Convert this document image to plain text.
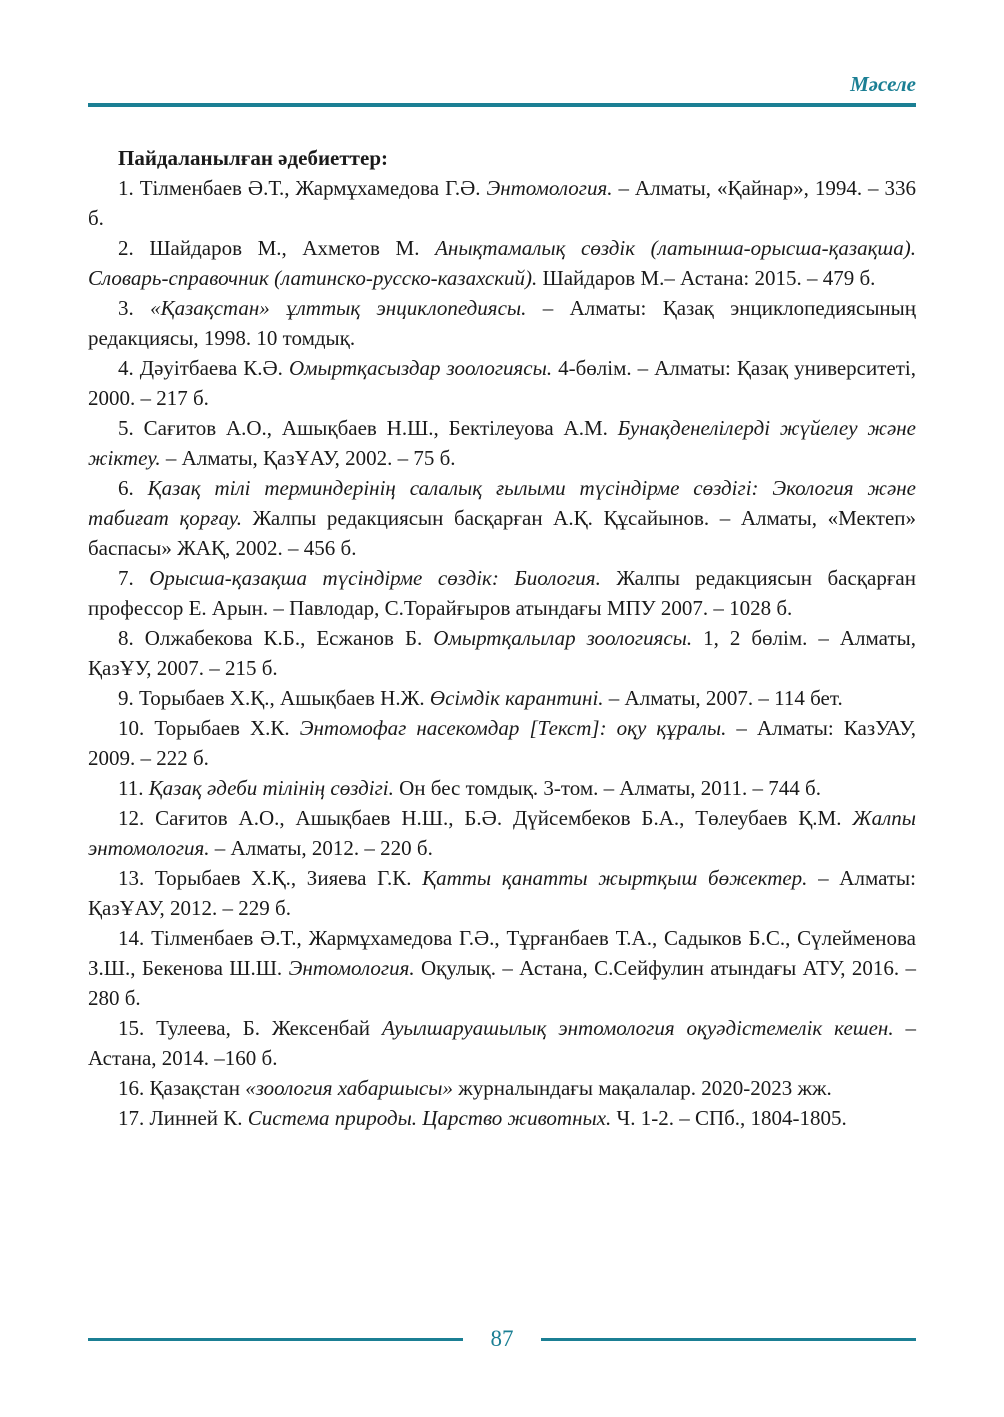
Мәселе

Пайдаланылған әдебиеттер:

1. Тілменбаев Ә.Т., Жармұхамедова Г.Ә. Энтомология. – Алматы, «Қайнар», 1994. – 336 б.

2. Шайдаров М., Ахметов М. Анықтамалық сөздік (латынша-орысша-қазақша). Словарь-справочник (латинско-русско-казахский). Шайдаров М.– Астана: 2015. – 479 б.

3. «Қазақстан» ұлттық энциклопедиясы. – Алматы: Қазақ энциклопедиясының редакциясы, 1998. 10 томдық.

4. Дәуітбаева К.Ә. Омыртқасыздар зоологиясы. 4-бөлім. – Алматы: Қазақ университеті, 2000. – 217 б.

5. Сағитов А.О., Ашықбаев Н.Ш., Бектілеуова А.М. Бунақденелілерді жүйелеу және жіктеу. – Алматы, ҚазҰАУ, 2002. – 75 б.

6. Қазақ тілі терминдерінің салалық ғылыми түсіндірме сөздігі: Экология және табиғат қорғау. Жалпы редакциясын басқарған А.Қ. Құсайынов. – Алматы, «Мектеп» баспасы» ЖАҚ, 2002. – 456 б.

7. Орысша-қазақша түсіндірме сөздік: Биология. Жалпы редакциясын басқарған профессор Е. Арын. – Павлодар, С.Торайғыров атындағы МПУ 2007. – 1028 б.

8. Олжабекова К.Б., Есжанов Б. Омыртқалылар зоологиясы. 1, 2 бөлім. – Алматы, ҚазҰУ, 2007. – 215 б.

9. Торыбаев Х.Қ., Ашықбаев Н.Ж. Өсімдік карантині. – Алматы, 2007. – 114 бет.

10. Торыбаев Х.К. Энтомофаг насекомдар [Текст]: оқу құралы. – Алматы: КазУАУ, 2009. – 222 б.

11. Қазақ әдеби тілінің сөздігі. Он бес томдық. 3-том. – Алматы, 2011. – 744 б.

12. Сағитов А.О., Ашықбаев Н.Ш., Б.Ә. Дүйсембеков Б.А., Төлеубаев Қ.М. Жалпы энтомология. – Алматы, 2012. – 220 б.

13. Торыбаев Х.Қ., Зияева Г.К. Қатты қанатты жыртқыш бөжектер. – Алматы: ҚазҰАУ, 2012. – 229 б.

14. Тілменбаев Ә.Т., Жармұхамедова Г.Ә., Тұрғанбаев Т.А., Садыков Б.С., Сүлейменова З.Ш., Бекенова Ш.Ш. Энтомология. Оқулық. – Астана, С.Сейфулин атындағы АТУ, 2016. – 280 б.

15. Тулеева, Б. Жексенбай Ауылшаруашылық энтомология оқуәдістемелік кешен. – Астана, 2014. –160 б.

16. Қазақстан «зоология хабаршысы» журналындағы мақалалар. 2020-2023 жж.

17. Линней К. Система природы. Царство животных. Ч. 1-2. – СПб., 1804-1805.

87
